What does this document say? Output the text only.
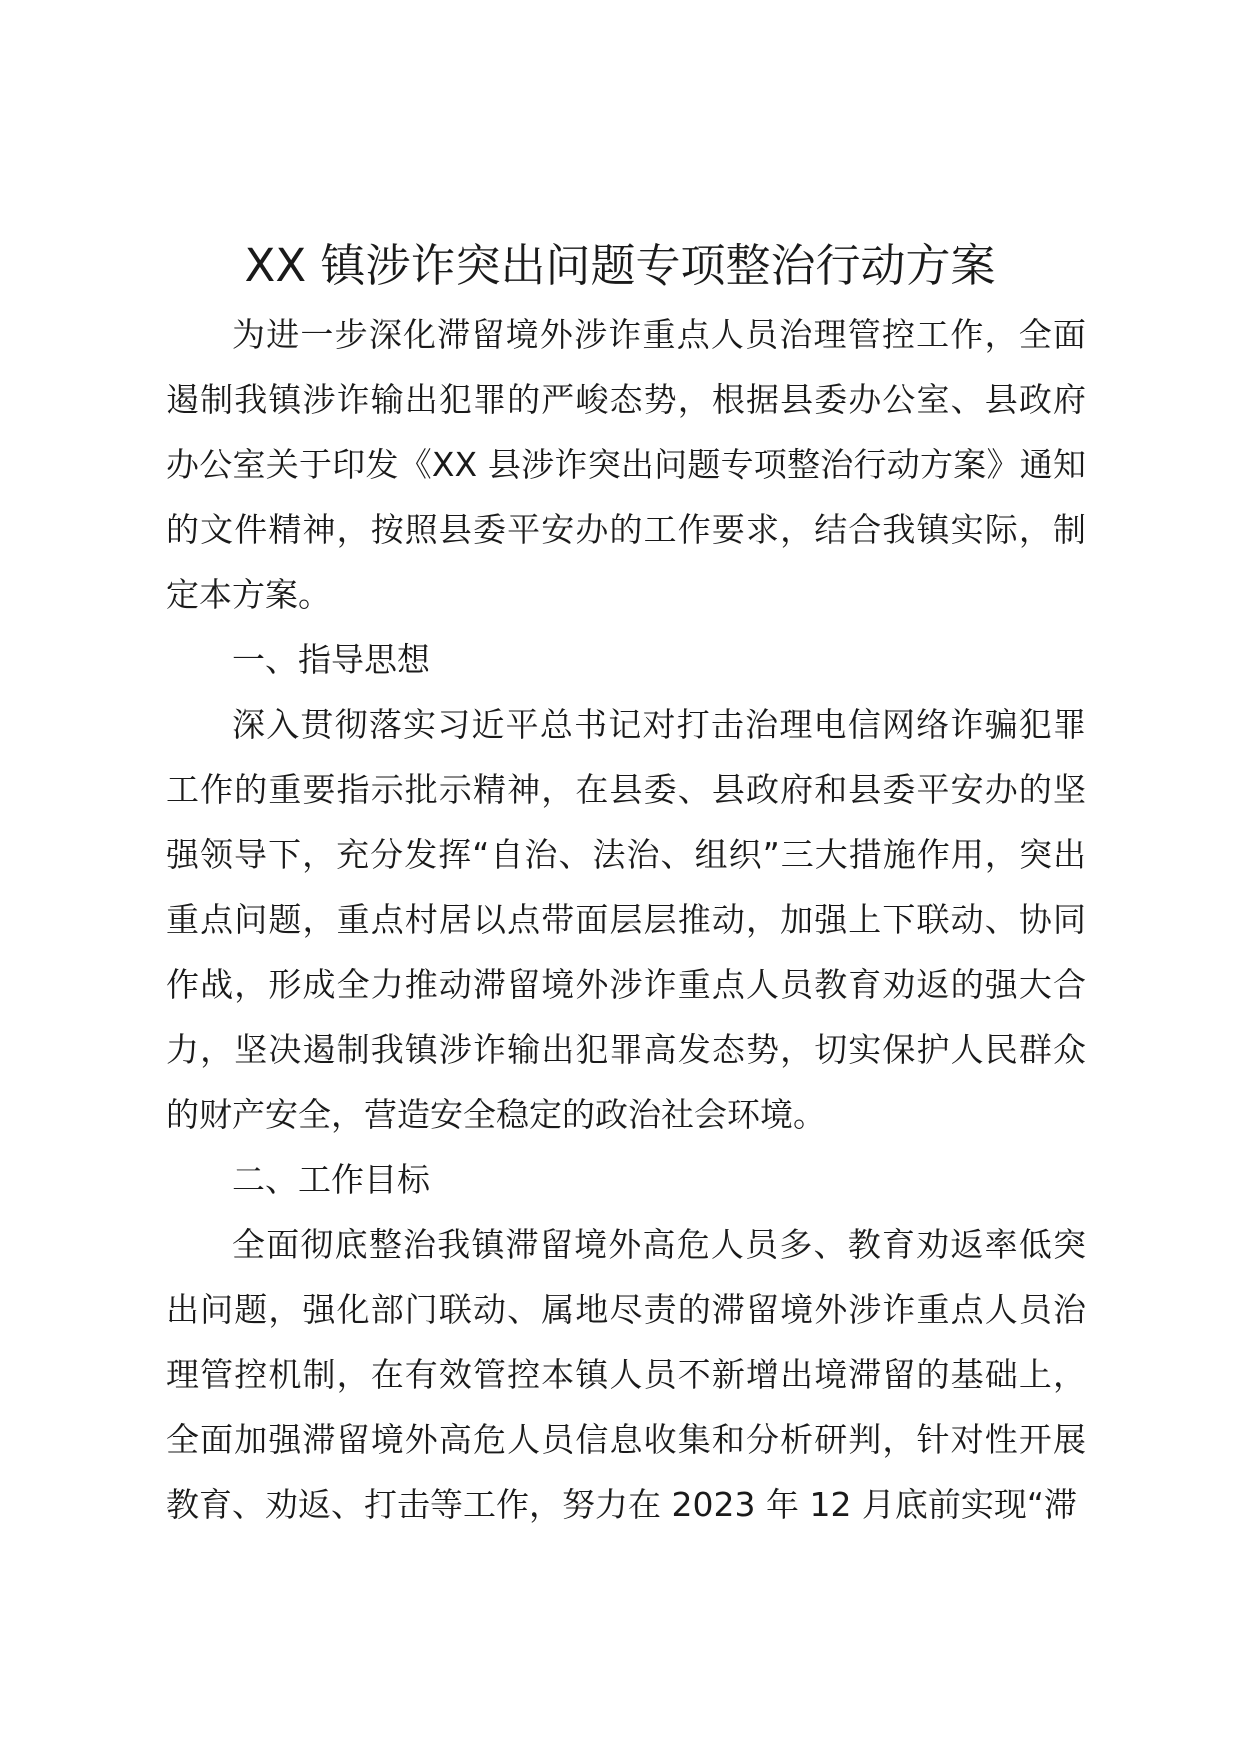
XX 镇涉诈突出问题专项整治行动方案

为进一步深化滞留境外涉诈重点人员治理管控工作，全面遏制我镇涉诈输出犯罪的严峻态势，根据县委办公室、县政府办公室关于印发《XX 县涉诈突出问题专项整治行动方案》通知的文件精神，按照县委平安办的工作要求，结合我镇实际，制定本方案。

一、指导思想

深入贯彻落实习近平总书记对打击治理电信网络诈骗犯罪工作的重要指示批示精神，在县委、县政府和县委平安办的坚强领导下，充分发挥“自治、法治、组织”三大措施作用，突出重点问题，重点村居以点带面层层推动，加强上下联动、协同作战，形成全力推动滞留境外涉诈重点人员教育劝返的强大合力，坚决遏制我镇涉诈输出犯罪高发态势，切实保护人民群众的财产安全，营造安全稳定的政治社会环境。

二、工作目标

全面彻底整治我镇滞留境外高危人员多、教育劝返率低突出问题，强化部门联动、属地尽责的滞留境外涉诈重点人员治理管控机制，在有效管控本镇人员不新增出境滞留的基础上，全面加强滞留境外高危人员信息收集和分析研判，针对性开展教育、劝返、打击等工作，努力在 2023 年 12 月底前实现“滞
